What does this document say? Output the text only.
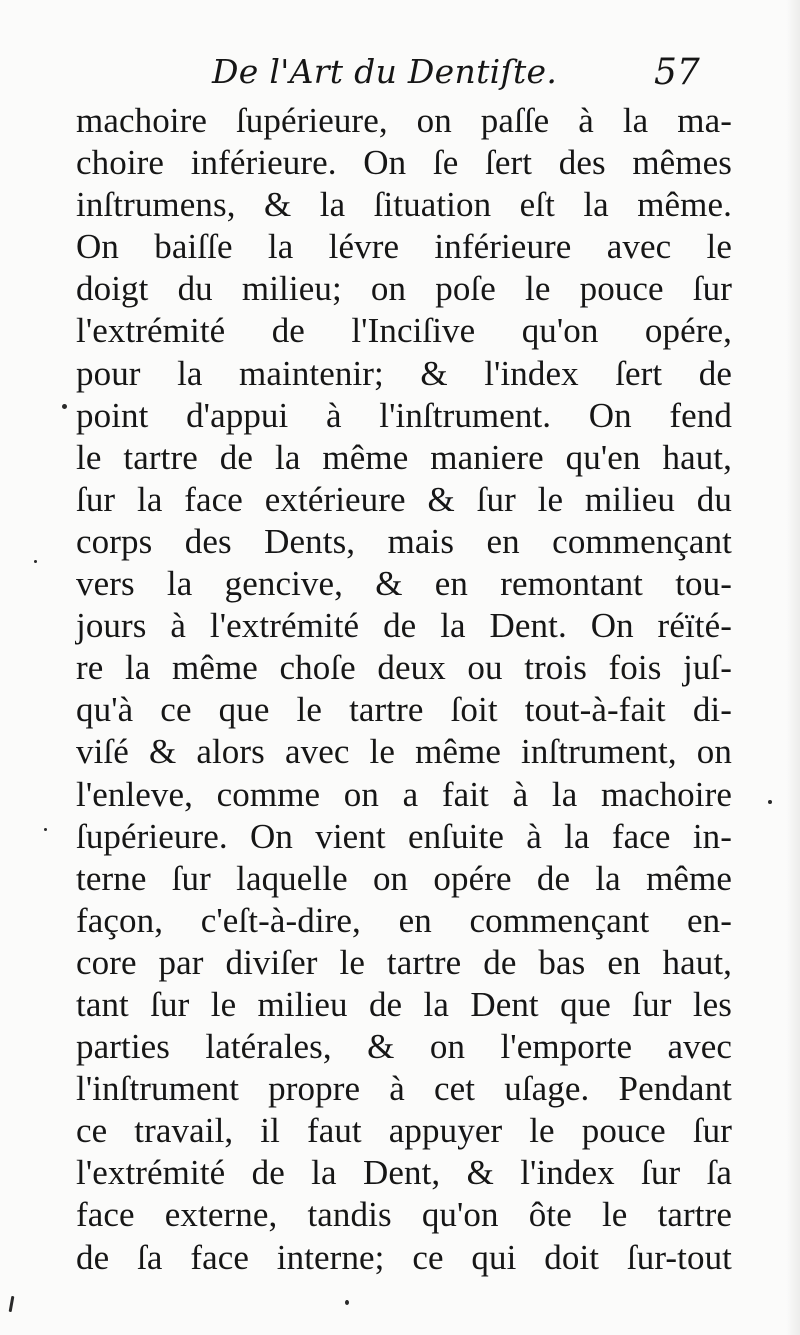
De l'Art du Dentiſte.	57
machoire ſupérieure, on paſſe à la ma-
choire inférieure. On ſe ſert des mêmes
inſtrumens, & la ſituation eſt la même.
On baiſſe la lévre inférieure avec le
doigt du milieu; on poſe le pouce ſur
l'extrémité de l'Inciſive qu'on opére,
pour la maintenir; & l'index ſert de
point d'appui à l'inſtrument. On fend
le tartre de la même maniere qu'en haut,
ſur la face extérieure & ſur le milieu du
corps des Dents, mais en commençant
vers la gencive, & en remontant tou-
jours à l'extrémité de la Dent. On réïté-
re la même choſe deux ou trois fois juſ-
qu'à ce que le tartre ſoit tout-à-fait di-
viſé & alors avec le même inſtrument, on
l'enleve, comme on a fait à la machoire
ſupérieure. On vient enſuite à la face in-
terne ſur laquelle on opére de la même
façon, c'eſt-à-dire, en commençant en-
core par diviſer le tartre de bas en haut,
tant ſur le milieu de la Dent que ſur les
parties latérales, & on l'emporte avec
l'inſtrument propre à cet uſage. Pendant
ce travail, il faut appuyer le pouce ſur
l'extrémité de la Dent, & l'index ſur ſa
face externe, tandis qu'on ôte le tartre
de ſa face interne; ce qui doit ſur-tout
